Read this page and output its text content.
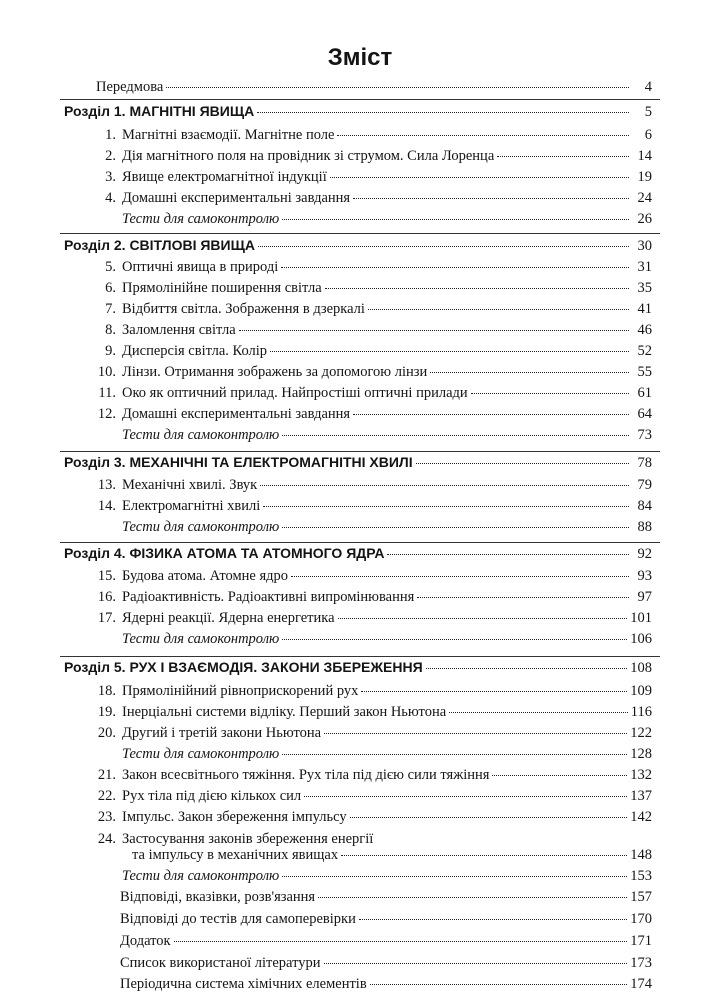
Зміст
Передмова	4
Розділ 1. МАГНІТНІ ЯВИЩА	5
1. Магнітні взаємодії. Магнітне поле	6
2. Дія магнітного поля на провідник зі струмом. Сила Лоренца	14
3. Явище електромагнітної індукції	19
4. Домашні експериментальні завдання	24
Тести для самоконтролю	26
Розділ 2. СВІТЛОВІ ЯВИЩА	30
5. Оптичні явища в природі	31
6. Прямолінійне поширення світла	35
7. Відбиття світла. Зображення в дзеркалі	41
8. Заломлення світла	46
9. Дисперсія світла. Колір	52
10. Лінзи. Отримання зображень за допомогою лінзи	55
11. Око як оптичний прилад. Найпростіші оптичні прилади	61
12. Домашні експериментальні завдання	64
Тести для самоконтролю	73
Розділ 3. МЕХАНІЧНІ ТА ЕЛЕКТРОМАГНІТНІ ХВИЛІ	78
13. Механічні хвилі. Звук	79
14. Електромагнітні хвилі	84
Тести для самоконтролю	88
Розділ 4. ФІЗИКА АТОМА ТА АТОМНОГО ЯДРА	92
15. Будова атома. Атомне ядро	93
16. Радіоактивність. Радіоактивні випромінювання	97
17. Ядерні реакції. Ядерна енергетика	101
Тести для самоконтролю	106
Розділ 5. РУХ І ВЗАЄМОДІЯ. ЗАКОНИ ЗБЕРЕЖЕННЯ	108
18. Прямолінійний рівноприскорений рух	109
19. Інерціальні системи відліку. Перший закон Ньютона	116
20. Другий і третій закони Ньютона	122
Тести для самоконтролю	128
21. Закон всесвітнього тяжіння. Рух тіла під дією сили тяжіння	132
22. Рух тіла під дією кількох сил	137
23. Імпульс. Закон збереження імпульсу	142
24. Застосування законів збереження енергії
та імпульсу в механічних явищах	148
Тести для самоконтролю	153
Відповіді, вказівки, розв'язання	157
Відповіді до тестів для самоперевірки	170
Додаток	171
Список використаної літератури	173
Періодична система хімічних елементів	174
